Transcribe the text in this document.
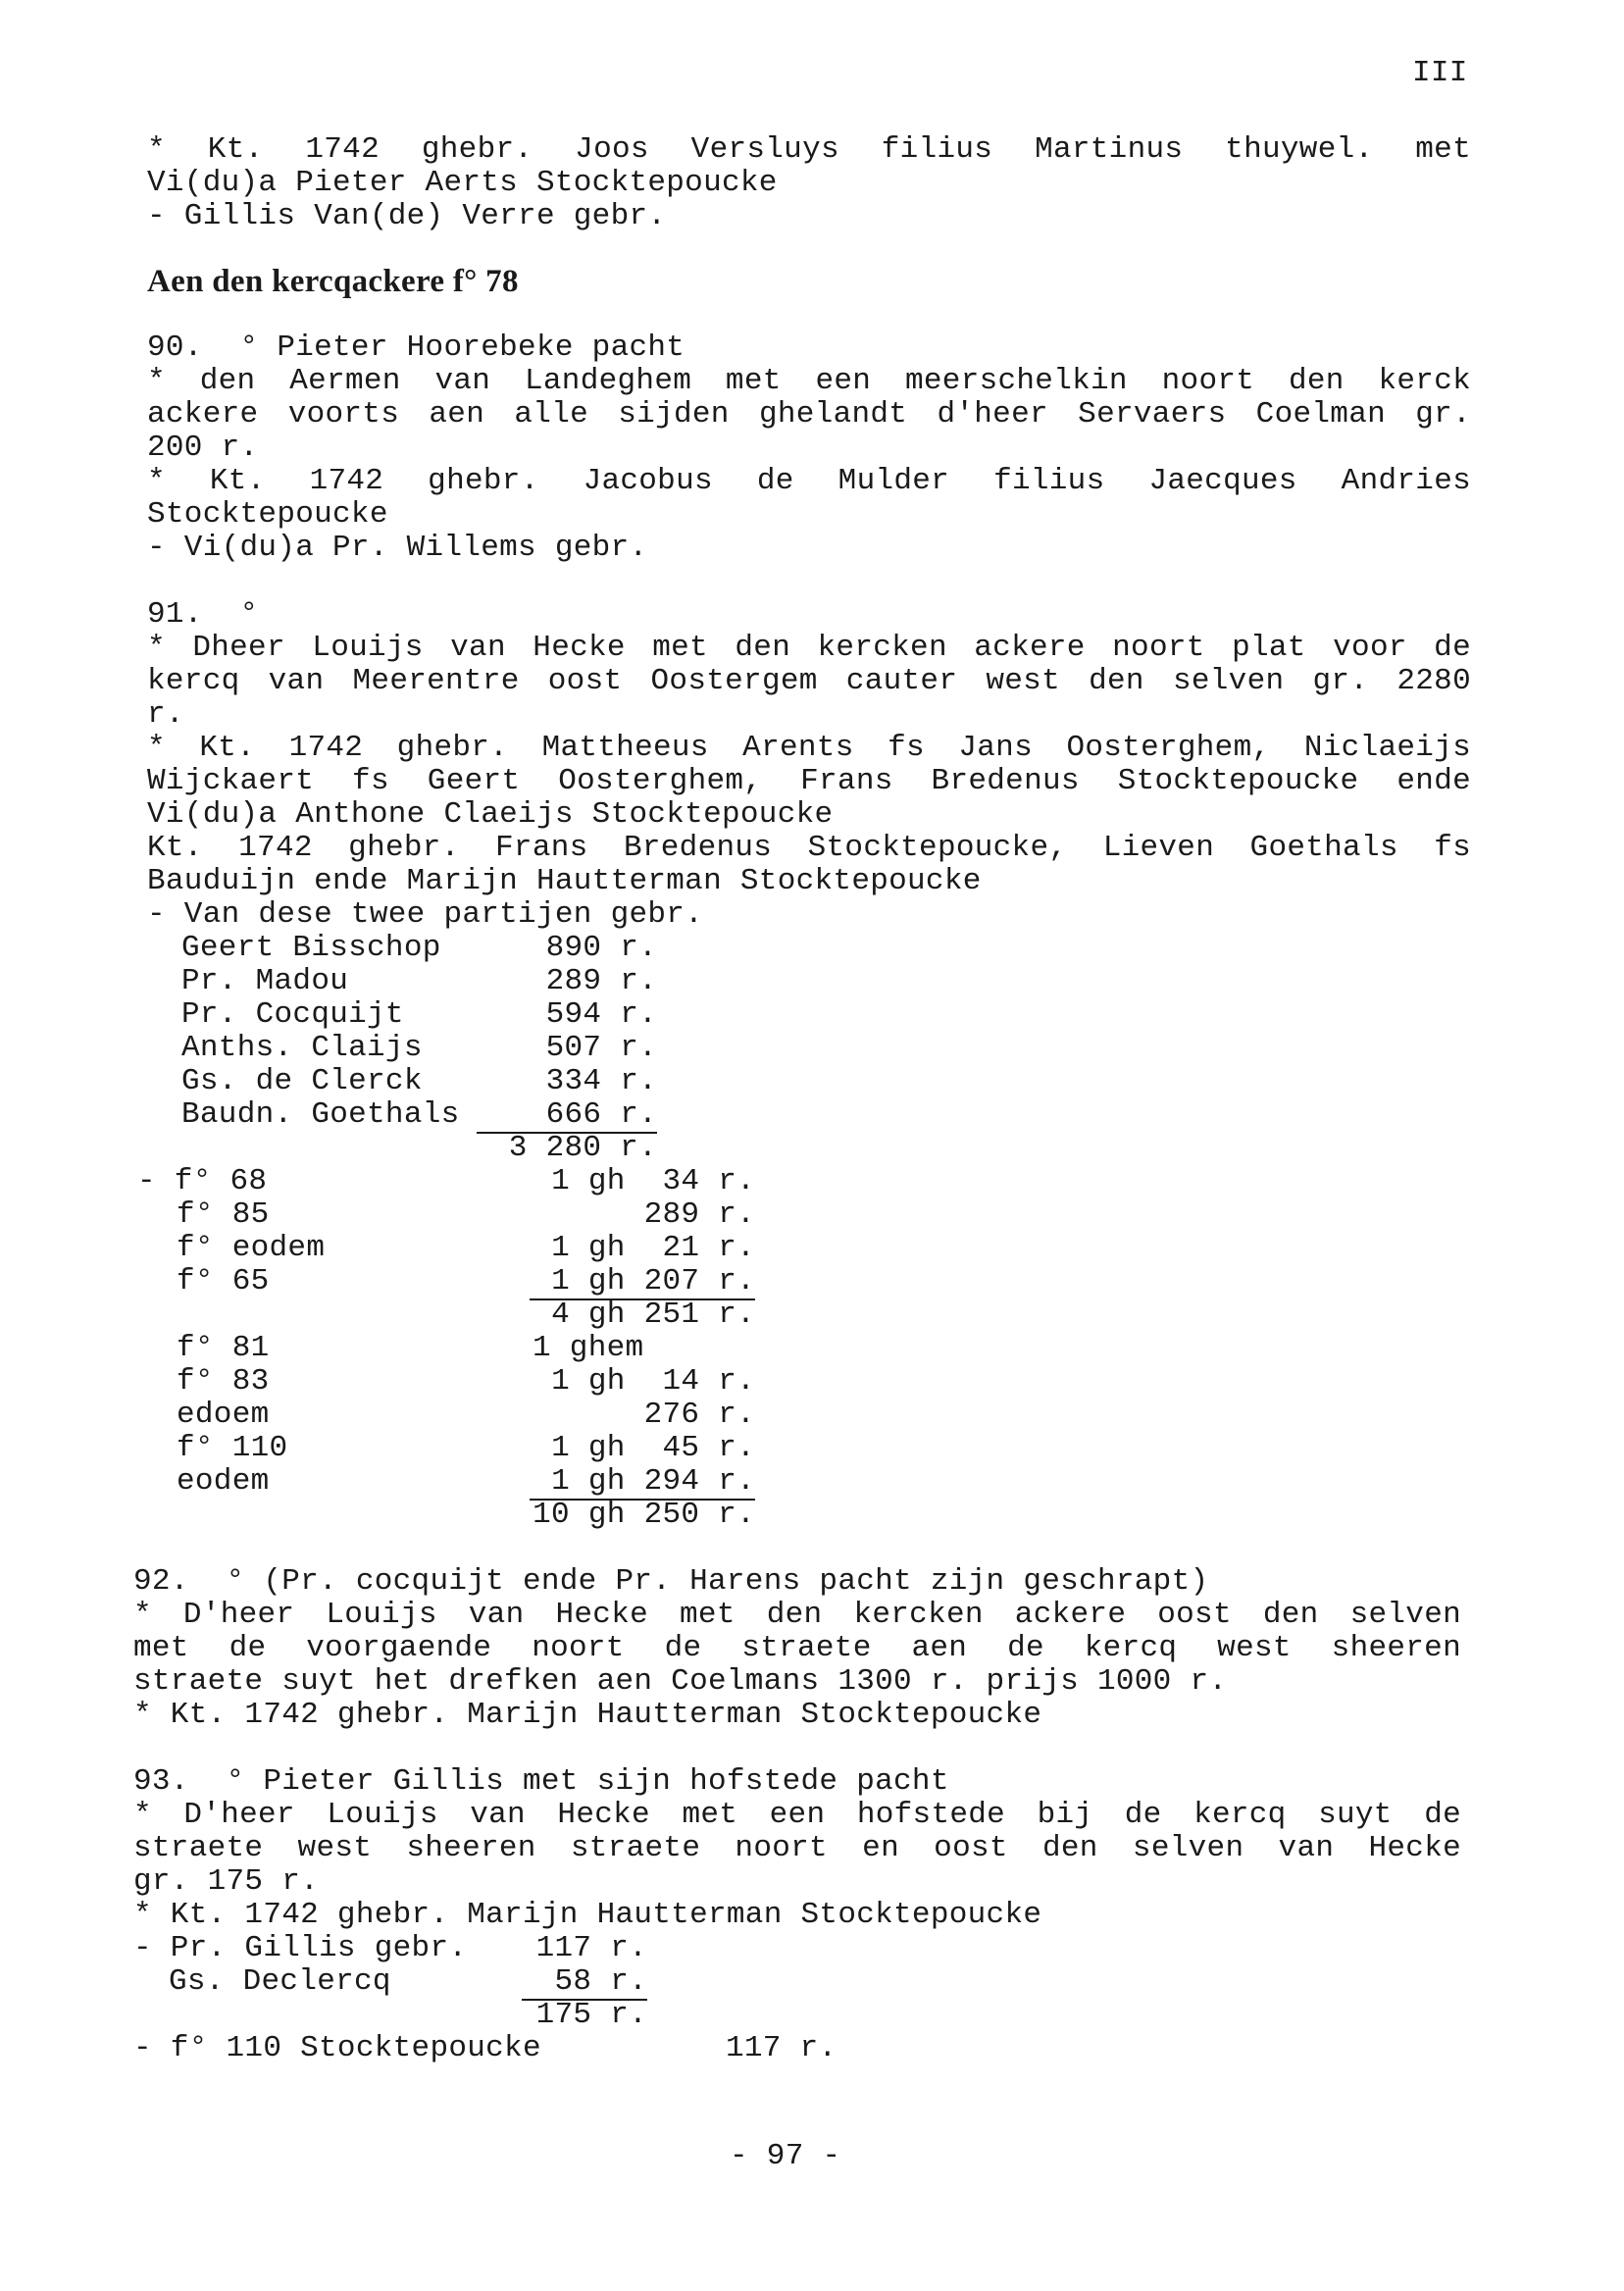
III
* Kt. 1742 ghebr. Joos Versluys filius Martinus thuywel. met
Vi(du)a Pieter Aerts Stocktepoucke
- Gillis Van(de) Verre gebr.
Aen den kercqackere f° 78
90.  ° Pieter Hoorebeke pacht
* den Aermen van Landeghem met een meerschelkin noort den kerck
ackere voorts aen alle sijden ghelandt d'heer Servaers Coelman gr.
200 r.
* Kt. 1742 ghebr. Jacobus de Mulder filius Jaecques Andries
Stocktepoucke
- Vi(du)a Pr. Willems gebr.
91.  °
* Dheer Louijs van Hecke met den kercken ackere noort plat voor de
kercq van Meerentre oost Oostergem cauter west den selven gr. 2280
r.
* Kt. 1742 ghebr. Mattheeus Arents fs Jans Oosterghem, Niclaeijs
Wijckaert fs Geert Oosterghem, Frans Bredenus Stocktepoucke ende
Vi(du)a Anthone Claeijs Stocktepoucke
Kt. 1742 ghebr. Frans Bredenus Stocktepoucke, Lieven Goethals fs
Bauduijn ende Marijn Hautterman Stocktepoucke
- Van dese twee partijen gebr.
Geert Bisschop	890 r.
Pr. Madou	289 r.
Pr. Cocquijt	594 r.
Anths. Claijs	507 r.
Gs. de Clerck	334 r.
Baudn. Goethals	666 r.
3 280 r.
- f° 68	1 gh  34 r.
f° 85	289 r.
f° eodem	1 gh  21 r.
f° 65	1 gh 207 r.
4 gh 251 r.
f° 81	1 ghem
f° 83	1 gh  14 r.
edoem	276 r.
f° 110	1 gh  45 r.
eodem	1 gh 294 r.
10 gh 250 r.
92.  ° (Pr. cocquijt ende Pr. Harens pacht zijn geschrapt)
* D'heer Louijs van Hecke met den kercken ackere oost den selven
met de voorgaende noort de straete aen de kercq west sheeren
straete suyt het drefken aen Coelmans 1300 r. prijs 1000 r.
* Kt. 1742 ghebr. Marijn Hautterman Stocktepoucke
93.  ° Pieter Gillis met sijn hofstede pacht
* D'heer Louijs van Hecke met een hofstede bij de kercq suyt de
straete west sheeren straete noort en oost den selven van Hecke
gr. 175 r.
* Kt. 1742 ghebr. Marijn Hautterman Stocktepoucke
- Pr. Gillis gebr.	117 r.
Gs. Declercq	58 r.
175 r.
- f° 110 Stocktepoucke	117 r.
- 97 -
